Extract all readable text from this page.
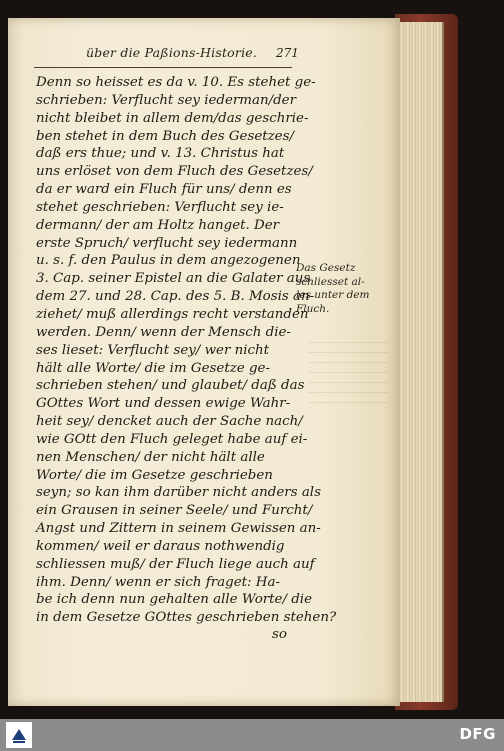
über die Paßions-Historie.	271
Denn so heisset es da v. 10. Es stehet ge-
schrieben: Verflucht sey iederman/der
nicht bleibet in allem dem/das geschrie-
ben stehet in dem Buch des Gesetzes/
daß ers thue; und v. 13. Christus hat
uns erlöset von dem Fluch des Gesetzes/
da er ward ein Fluch für uns/ denn es
stehet geschrieben: Verflucht sey ie-
dermann/ der am Holtz hanget. Der
erste Spruch/ verflucht sey iedermann
u. s. f. den Paulus in dem angezogenen
3. Cap. seiner Epistel an die Galater aus
dem 27. und 28. Cap. des 5. B. Mosis an-
ziehet/ muß allerdings recht verstanden
werden. Denn/ wenn der Mensch die-
ses lieset: Verflucht sey/ wer nicht
hält alle Worte/ die im Gesetze ge-
schrieben stehen/ und glaubet/ daß das
GOttes Wort und dessen ewige Wahr-
heit sey/ dencket auch der Sache nach/
wie GOtt den Fluch geleget habe auf ei-
nen Menschen/ der nicht hält alle
Worte/ die im Gesetze geschrieben
seyn; so kan ihm darüber nicht anders als
ein Grausen in seiner Seele/ und Furcht/
Angst und Zittern in seinem Gewissen an-
kommen/ weil er daraus nothwendig
schliessen muß/ der Fluch liege auch auf
ihm. Denn/ wenn er sich fraget: Ha-
be ich denn nun gehalten alle Worte/ die
in dem Gesetze GOttes geschrieben stehen?
so
Das Gesetz
schliesset al-
les unter dem
Fluch.
DFG
